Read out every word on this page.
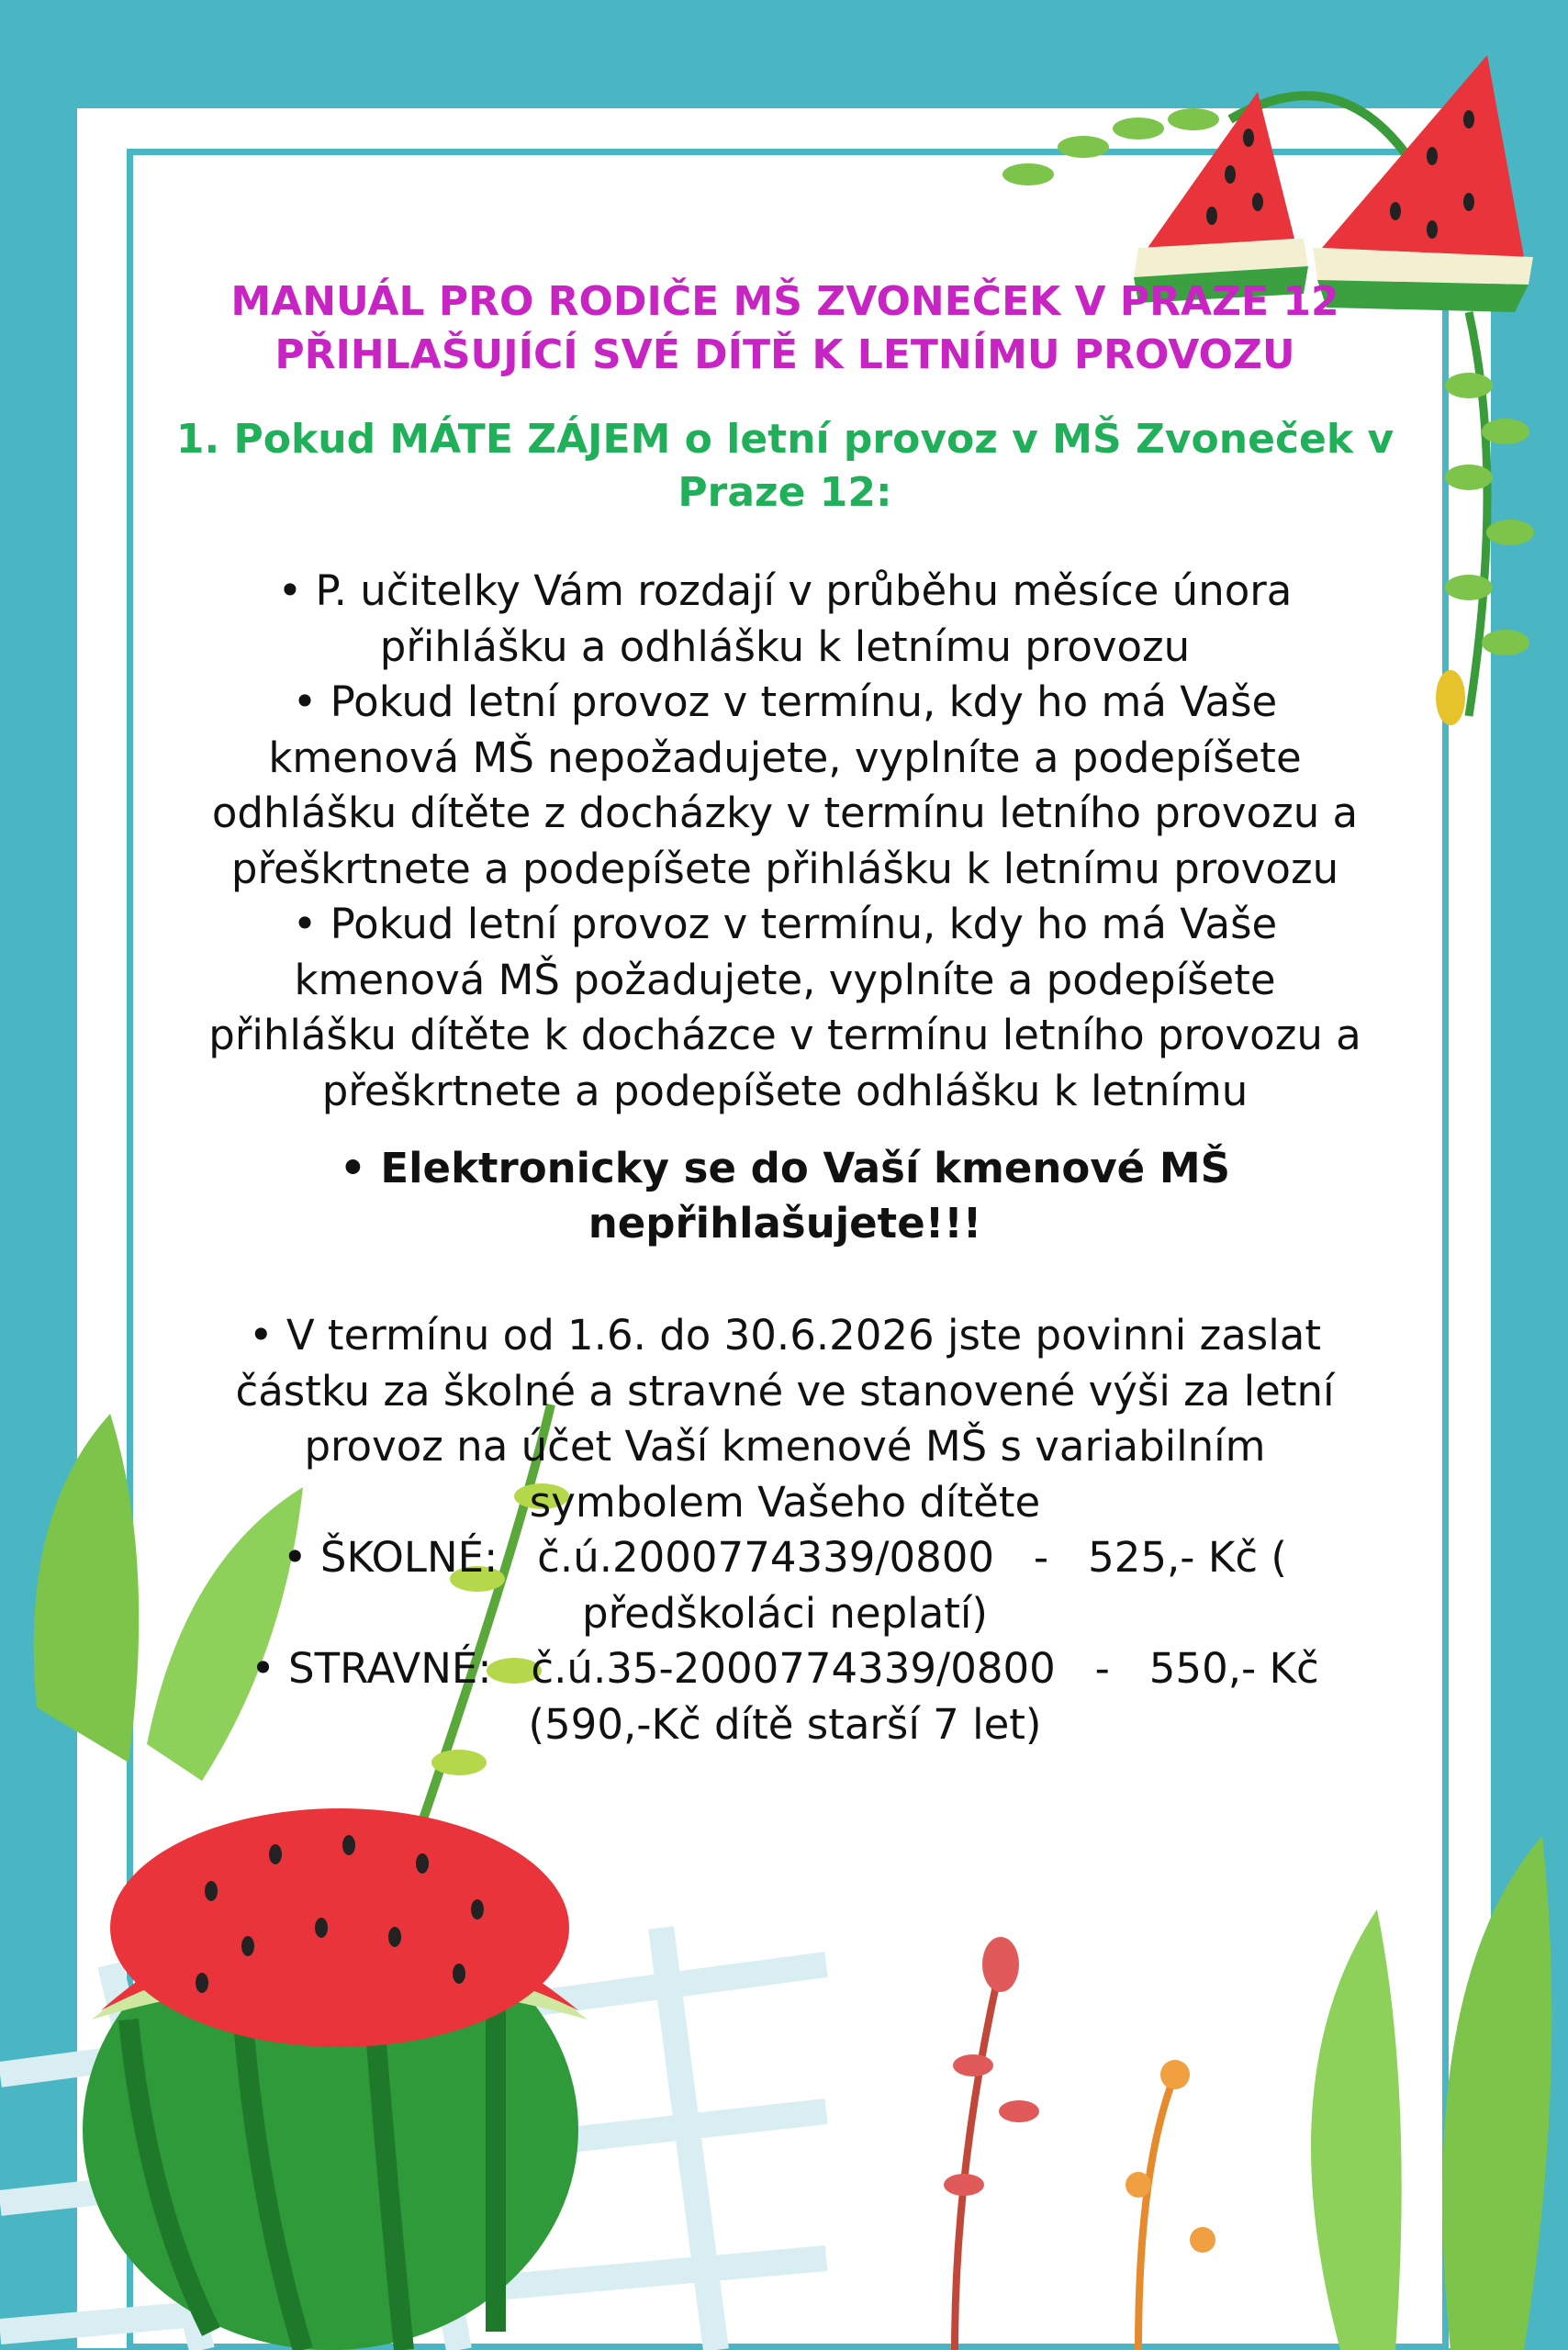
MANUÁL PRO RODIČE MŠ ZVONEČEK V PRAZE 12

PŘIHLAŠUJÍCÍ SVÉ DÍTĚ K LETNÍMU PROVOZU

1. Pokud MÁTE ZÁJEM o letní provoz v MŠ Zvoneček v

Praze 12:

• P. učitelky Vám rozdají v průběhu měsíce února

přihlášku a odhlášku k letnímu provozu

• Pokud letní provoz v termínu, kdy ho má Vaše

kmenová MŠ nepožadujete, vyplníte a podepíšete

odhlášku dítěte z docházky v termínu letního provozu a

přeškrtnete a podepíšete přihlášku k letnímu provozu

• Pokud letní provoz v termínu, kdy ho má Vaše

kmenová MŠ požadujete, vyplníte a podepíšete

přihlášku dítěte k docházce v termínu letního provozu a

přeškrtnete a podepíšete odhlášku k letnímu

• Elektronicky se do Vaší kmenové MŠ nepřihlašujete!!!

• V termínu od 1.6. do 30.6.2026 jste povinni zaslat

částku za školné a stravné ve stanovené výši za letní

provoz na účet Vaší kmenové MŠ s variabilním

symbolem Vašeho dítěte

• ŠKOLNÉ:   č.ú.2000774339/0800   -   525,- Kč (

předškoláci neplatí)

• STRAVNÉ:   č.ú.35-2000774339/0800   -   550,- Kč

(590,-Kč dítě starší 7 let)
